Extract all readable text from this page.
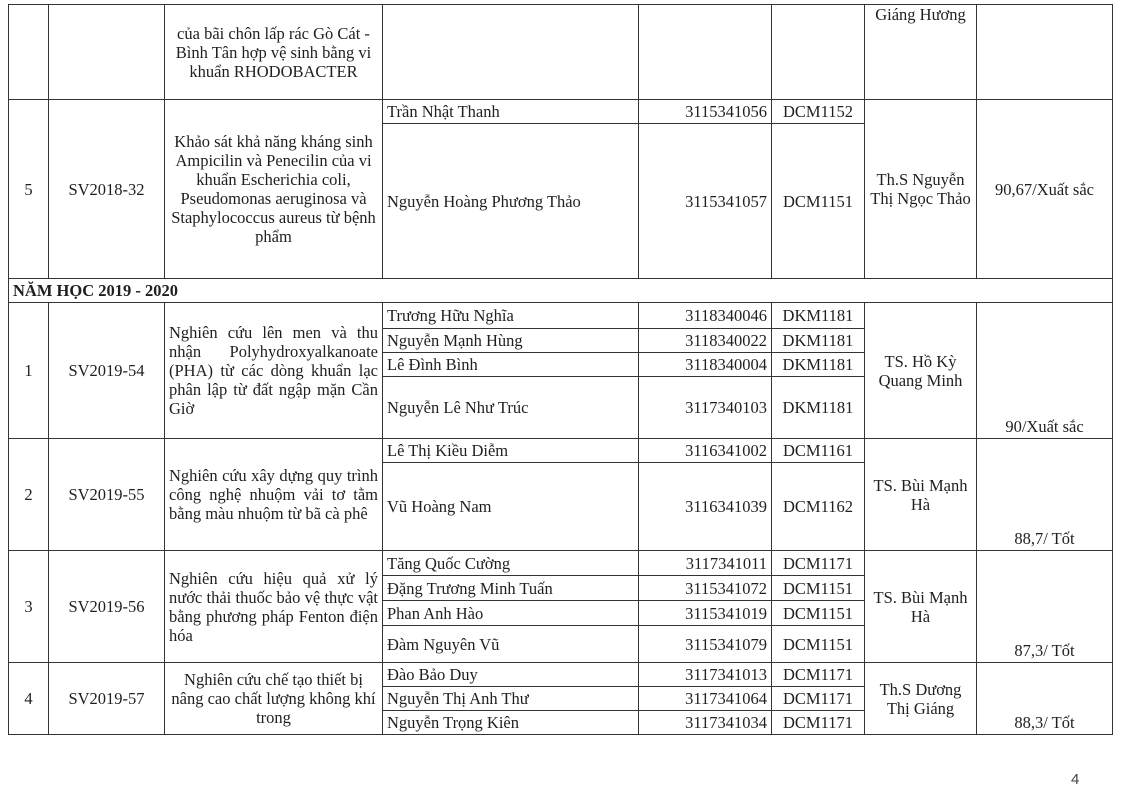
		của bãi chôn lấp rác Gò Cát - Bình Tân hợp vệ sinh bằng vi khuẩn RHODOBACTER				Giáng Hương	
5	SV2018-32	Khảo sát khả năng kháng sinh Ampicilin và Penecilin của vi khuẩn Escherichia coli, Pseudomonas aeruginosa và Staphylococcus aureus từ bệnh phẩm	Trần Nhật Thanh	3115341056	DCM1152	Th.S Nguyễn Thị Ngọc Thảo	90,67/Xuất sắc
			Nguyễn Hoàng Phương Thảo	3115341057	DCM1151		
NĂM HỌC 2019 - 2020							
1	SV2019-54	Nghiên cứu lên men và thu nhận Polyhydroxyalkanoate (PHA) từ các dòng khuẩn lạc phân lập từ đất ngập mặn Cần Giờ	Trương Hữu Nghĩa	3118340046	DKM1181	TS. Hồ Kỳ Quang Minh	90/Xuất sắc
			Nguyễn Mạnh Hùng	3118340022	DKM1181		
			Lê Đình Bình	3118340004	DKM1181		
			Nguyễn Lê Như Trúc	3117340103	DKM1181		
2	SV2019-55	Nghiên cứu xây dựng quy trình công nghệ nhuộm vải tơ tằm bằng màu nhuộm từ bã cà phê	Lê Thị Kiều Diễm	3116341002	DCM1161	TS. Bùi Mạnh Hà	88,7/ Tốt
			Vũ Hoàng Nam	3116341039	DCM1162		
3	SV2019-56	Nghiên cứu hiệu quả xử lý nước thải thuốc bảo vệ thực vật bằng phương pháp Fenton điện hóa	Tăng Quốc Cường	3117341011	DCM1171	TS. Bùi Mạnh Hà	87,3/ Tốt
			Đặng Trương Minh Tuấn	3115341072	DCM1151		
			Phan Anh Hào	3115341019	DCM1151		
			Đàm Nguyên Vũ	3115341079	DCM1151		
4	SV2019-57	Nghiên cứu chế tạo thiết bị nâng cao chất lượng không khí trong	Đào Bảo Duy	3117341013	DCM1171	Th.S Dương Thị Giáng	88,3/ Tốt
			Nguyễn Thị Anh Thư	3117341064	DCM1171		
			Nguyễn Trọng Kiên	3117341034	DCM1171		
4
